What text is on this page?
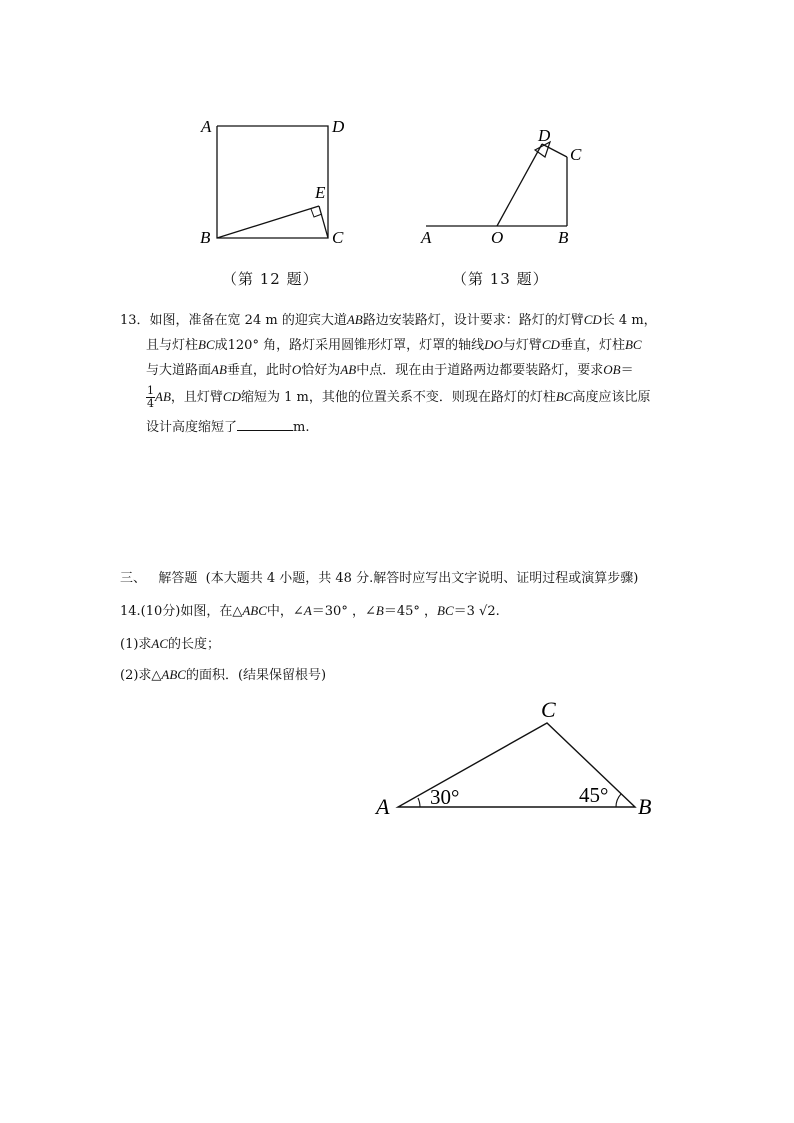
A	D
E
B	C
（第 12 题）
D
C
A	O	B
（第 13 题）
13．如图，准备在宽 24 m 的迎宾大道AB路边安装路灯，设计要求：路灯的灯臂CD长 4 m，
且与灯柱BC成120° 角，路灯采用圆锥形灯罩，灯罩的轴线DO与灯臂CD垂直，灯柱BC
与大道路面AB垂直，此时O恰好为AB中点．现在由于道路两边都要装路灯，要求OB＝
$\frac{1}{4}$ AB，且灯臂CD缩短为 1 m，其他的位置关系不变．则现在路灯的灯柱BC高度应该比原
设计高度缩短了	m.
三、   解答题  (本大题共 4 小题，共 48 分.解答时应写出文字说明、证明过程或演算步骤)
14.(10分)如图，在△ABC中，∠A＝30° ，∠B＝45° ，BC＝3 √2.
(1)求AC的长度；
(2)求△ABC的面积．(结果保留根号)
C
A	B
30°	45°
